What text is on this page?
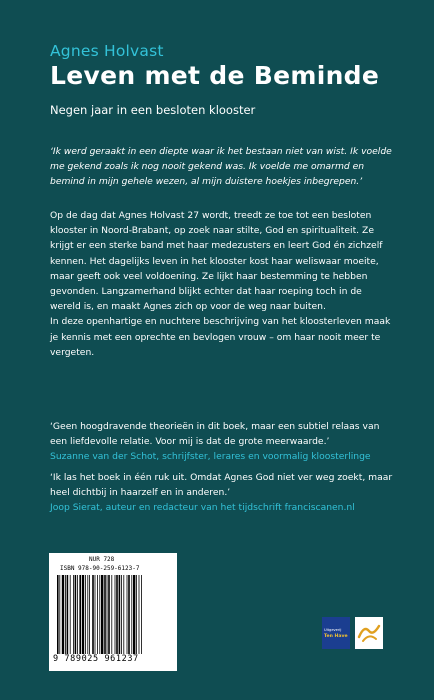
Agnes Holvast
Leven met de Beminde
Negen jaar in een besloten klooster
‘Ik werd geraakt in een diepte waar ik het bestaan niet van wist. Ik voelde me gekend zoals ik nog nooit gekend was. Ik voelde me omarmd en bemind in mijn gehele wezen, al mijn duistere hoekjes inbegrepen.’

Op de dag dat Agnes Holvast 27 wordt, treedt ze toe tot een besloten klooster in Noord-Brabant, op zoek naar stilte, God en spiritualiteit. Ze krijgt er een sterke band met haar medezusters en leert God én zichzelf kennen. Het dagelijks leven in het klooster kost haar weliswaar moeite, maar geeft ook veel voldoening. Ze lijkt haar bestemming te hebben gevonden. Langzamerhand blijkt echter dat haar roeping toch in de wereld is, en maakt Agnes zich op voor de weg naar buiten.

In deze openhartige en nuchtere beschrijving van het kloosterleven maak je kennis met een oprechte en bevlogen vrouw – om haar nooit meer te vergeten.

‘Geen hoogdravende theorieën in dit boek, maar een subtiel relaas van een liefdevolle relatie. Voor mij is dat de grote meerwaarde.’
Suzanne van der Schot, schrijfster, lerares en voormalig kloosterlinge
‘Ik las het boek in één ruk uit. Omdat Agnes God niet ver weg zoekt, maar heel dichtbij in haarzelf en in anderen.’
Joop Sierat, auteur en redacteur van het tijdschrift franciscanen.nl
NUR 728
ISBN 978-90-259-6123-7
9 789025 961237
Uitgeverij
Ten Have
